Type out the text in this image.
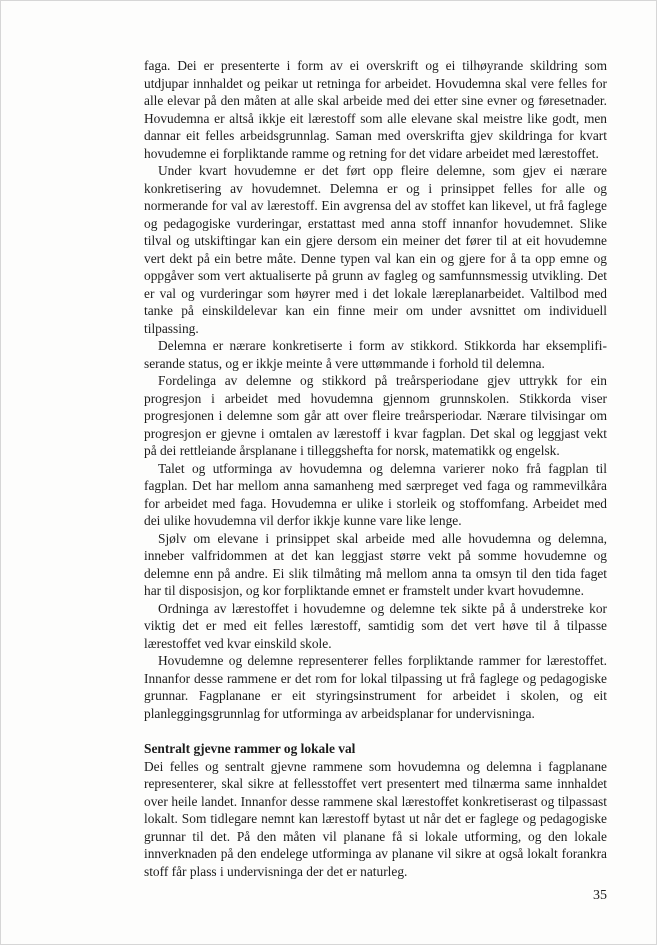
faga. Dei er presenterte i form av ei overskrift og ei tilhøyrande skildring som utdjupar innhaldet og peikar ut retninga for arbeidet. Hovudemna skal vere felles for alle elevar på den måten at alle skal arbeide med dei etter sine evner og føresetnader. Hovudemna er altså ikkje eit lærestoff som alle elevane skal meistre like godt, men dannar eit felles arbeidsgrunnlag. Saman med overskrifta gjev skildringa for kvart hovudemne ei forpliktande ramme og retning for det vidare arbeidet med lærestoffet.

Under kvart hovudemne er det ført opp fleire delemne, som gjev ei nærare konkretisering av hovudemnet. Delemna er og i prinsippet felles for alle og normerande for val av lærestoff. Ein avgrensa del av stoffet kan likevel, ut frå faglege og pedagogiske vurderingar, erstattast med anna stoff innanfor hovudemnet. Slike tilval og utskiftingar kan ein gjere dersom ein meiner det fører til at eit hovudemne vert dekt på ein betre måte. Denne typen val kan ein og gjere for å ta opp emne og oppgåver som vert aktualiserte på grunn av fagleg og samfunnsmessig utvikling. Det er val og vurderingar som høyrer med i det lokale læreplanarbeidet. Valtilbod med tanke på einskildelevar kan ein finne meir om under avsnittet om individuell tilpassing.

Delemna er nærare konkretiserte i form av stikkord. Stikkorda har eksemplifiserande status, og er ikkje meinte å vere uttømmande i forhold til delemna.

Fordelinga av delemne og stikkord på treårsperiodane gjev uttrykk for ein progresjon i arbeidet med hovudemna gjennom grunnskolen. Stikkorda viser progresjonen i delemne som går att over fleire treårsperiodar. Nærare tilvisingar om progresjon er gjevne i omtalen av lærestoff i kvar fagplan. Det skal og leggjast vekt på dei rettleiande årsplanane i tilleggshefta for norsk, matematikk og engelsk.

Talet og utforminga av hovudemna og delemna varierer noko frå fagplan til fagplan. Det har mellom anna samanheng med særpreget ved faga og rammevilkåra for arbeidet med faga. Hovudemna er ulike i storleik og stoffomfang. Arbeidet med dei ulike hovudemna vil derfor ikkje kunne vare like lenge.

Sjølv om elevane i prinsippet skal arbeide med alle hovudemna og delemna, inneber valfridommen at det kan leggjast større vekt på somme hovudemne og delemne enn på andre. Ei slik tilmåting må mellom anna ta omsyn til den tida faget har til disposisjon, og kor forpliktande emnet er framstelt under kvart hovudemne.

Ordninga av lærestoffet i hovudemne og delemne tek sikte på å understreke kor viktig det er med eit felles lærestoff, samtidig som det vert høve til å tilpasse lærestoffet ved kvar einskild skole.

Hovudemne og delemne representerer felles forpliktande rammer for lærestoffet. Innanfor desse rammene er det rom for lokal tilpassing ut frå faglege og pedagogiske grunnar. Fagplanane er eit styringsinstrument for arbeidet i skolen, og eit planleggingsgrunnlag for utforminga av arbeidsplanar for undervisninga.

Sentralt gjevne rammer og lokale val

Dei felles og sentralt gjevne rammene som hovudemna og delemna i fagplanane representerer, skal sikre at fellesstoffet vert presentert med tilnærma same innhaldet over heile landet. Innanfor desse rammene skal lærestoffet konkretiserast og tilpassast lokalt. Som tidlegare nemnt kan lærestoff bytast ut når det er faglege og pedagogiske grunnar til det. På den måten vil planane få si lokale utforming, og den lokale innverknaden på den endelege utforminga av planane vil sikre at også lokalt forankra stoff får plass i undervisninga der det er naturleg.

35
